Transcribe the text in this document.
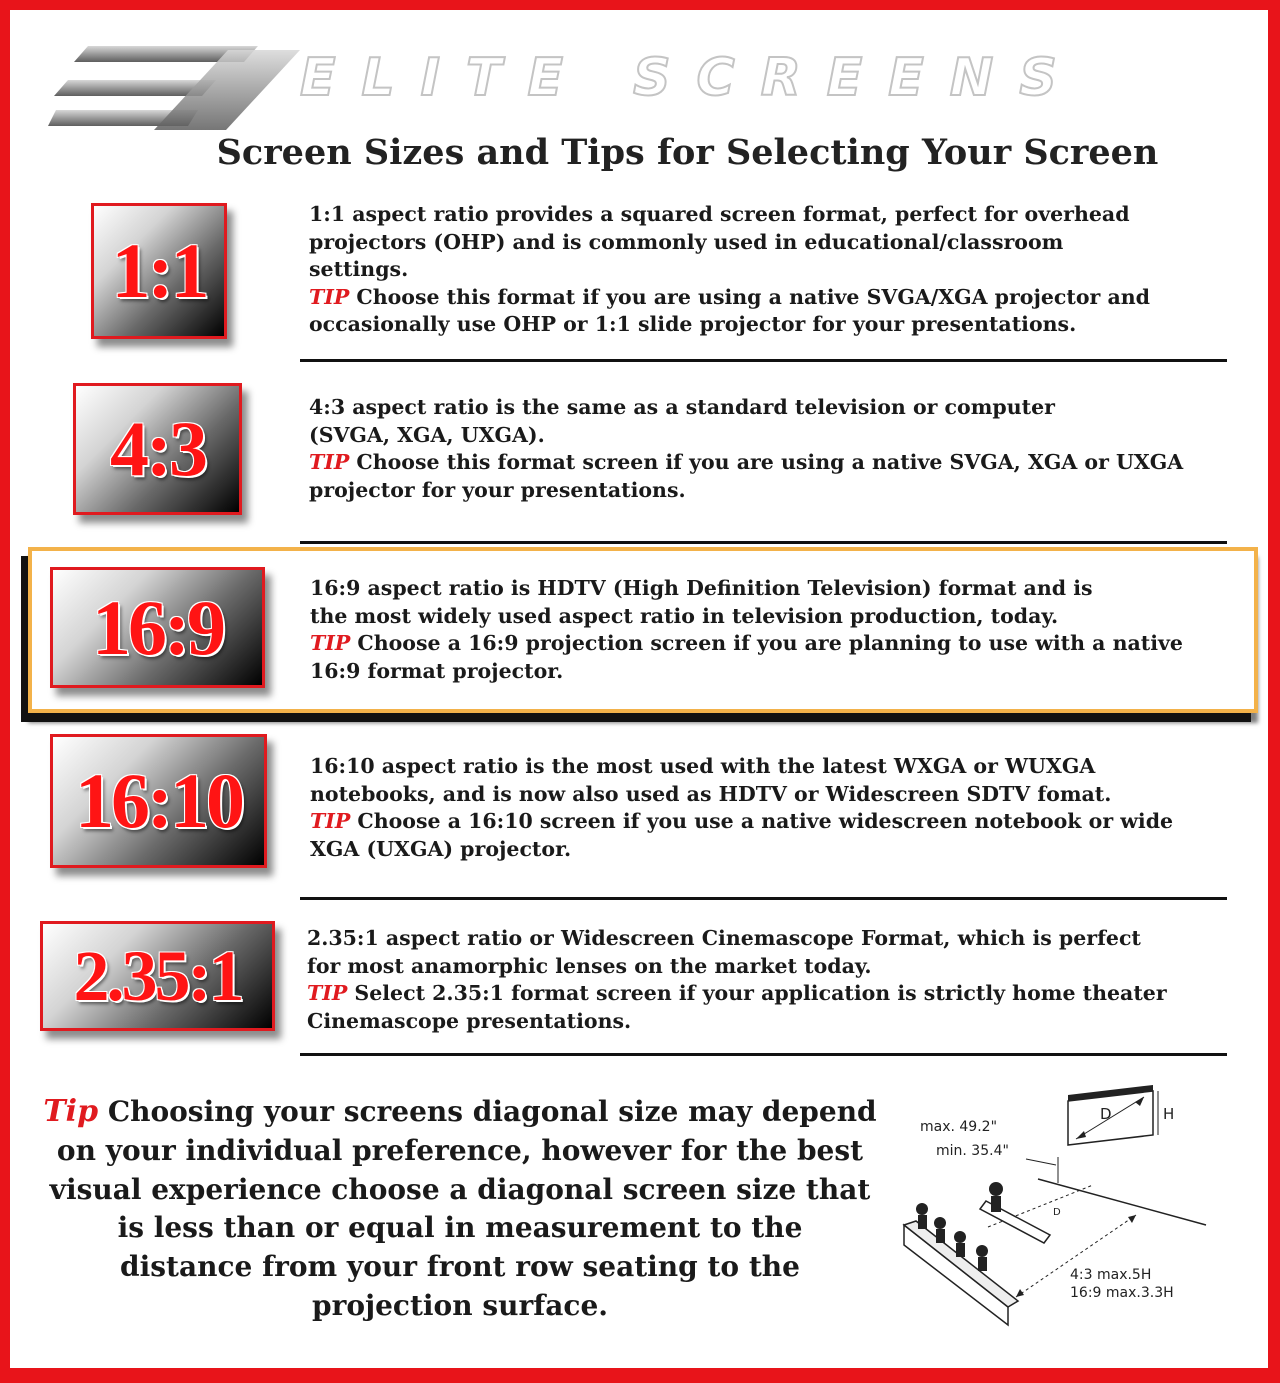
ELITE SCREENS
Screen Sizes and Tips for Selecting Your Screen
1:1

1:1 aspect ratio provides a squared screen format, perfect for overhead

projectors (OHP) and is commonly used in educational/classroom

settings.

TIP Choose this format if you are using a native SVGA/XGA projector and

occasionally use OHP or 1:1 slide projector for your presentations.

4:3	4:3 aspect ratio is the same as a standard television or computer

(SVGA, XGA, UXGA).

TIP Choose this format screen if you are using a native SVGA, XGA or UXGA

projector for your presentations.

16:9	16:9 aspect ratio is HDTV (High Definition Television) format and is

the most widely used aspect ratio in television production, today.

TIP Choose a 16:9 projection screen if you are planning to use with a native

16:9 format projector.

16:10	16:10 aspect ratio is the most used with the latest WXGA or WUXGA

notebooks, and is now also used as HDTV or Widescreen SDTV fomat.

TIP Choose a 16:10 screen if you use a native widescreen notebook or wide

XGA (UXGA) projector.

2.35:1	2.35:1 aspect ratio or Widescreen Cinemascope Format, which is perfect

for most anamorphic lenses on the market today.

TIP Select 2.35:1 format screen if your application is strictly home theater

Cinemascope presentations.

Tip Choosing your screens diagonal size may depend
on your individual preference, however for the best
visual experience choose a diagonal screen size that
is less than or equal in measurement to the
distance from your front row seating to the
projection surface.
D	H
max. 49.2"
min. 35.4"
D
4:3 max.5H
16:9 max.3.3H
